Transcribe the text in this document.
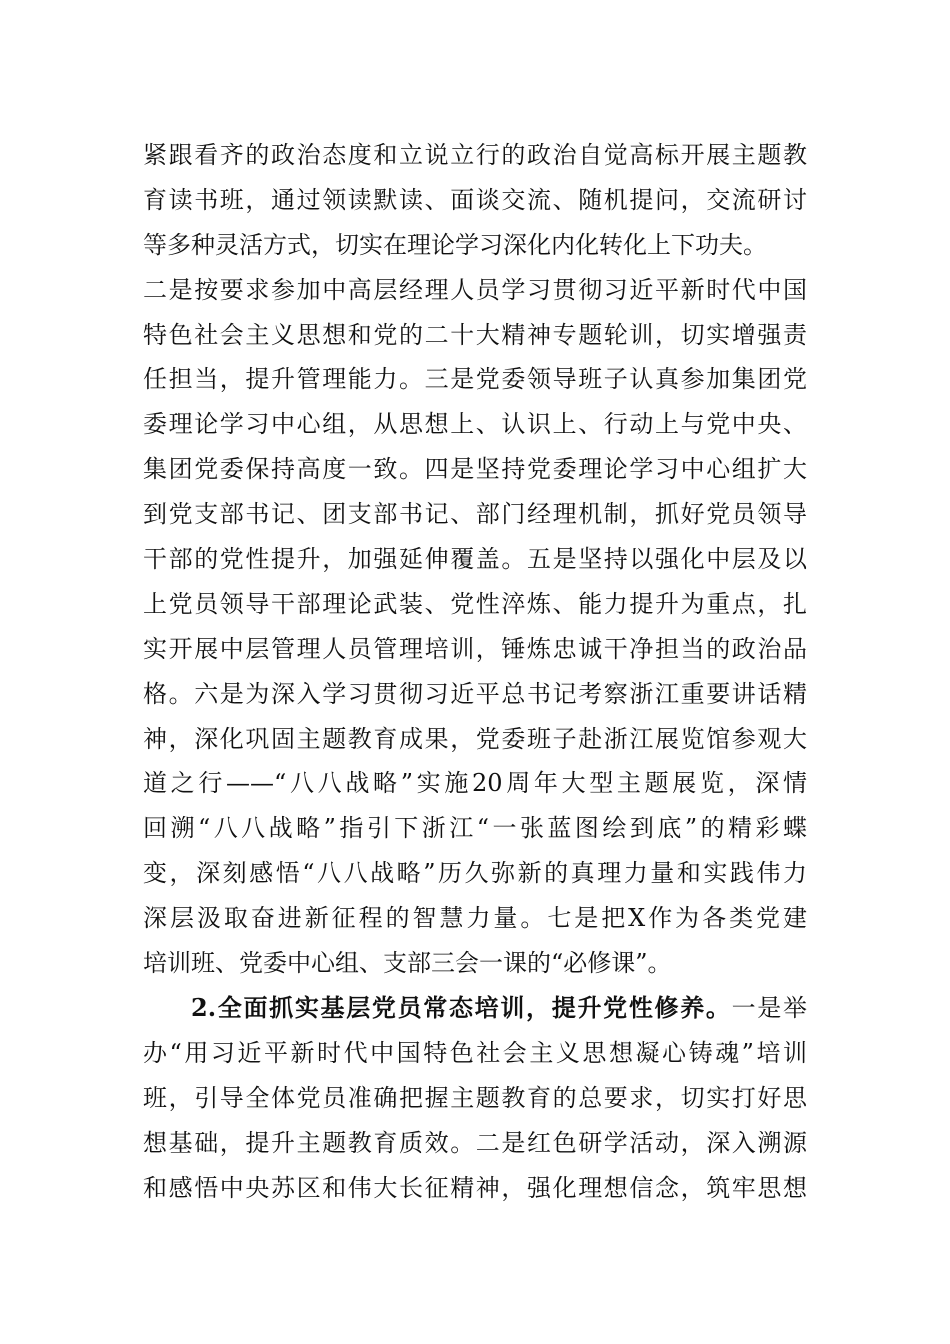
紧跟看齐的政治态度和立说立行的政治自觉高标开展主题教
育读书班，通过领读默读、面谈交流、随机提问，交流研讨
等多种灵活方式，切实在理论学习深化内化转化上下功夫。
二是按要求参加中高层经理人员学习贯彻习近平新时代中国
特色社会主义思想和党的二十大精神专题轮训，切实增强责
任担当，提升管理能力。三是党委领导班子认真参加集团党
委理论学习中心组，从思想上、认识上、行动上与党中央、
集团党委保持高度一致。四是坚持党委理论学习中心组扩大
到党支部书记、团支部书记、部门经理机制，抓好党员领导
干部的党性提升，加强延伸覆盖。五是坚持以强化中层及以
上党员领导干部理论武装、党性淬炼、能力提升为重点，扎
实开展中层管理人员管理培训，锤炼忠诚干净担当的政治品
格。六是为深入学习贯彻习近平总书记考察浙江重要讲话精
神，深化巩固主题教育成果，党委班子赴浙江展览馆参观大
道之行——“八八战略”实施20周年大型主题展览，深情
回溯“八八战略”指引下浙江“一张蓝图绘到底”的精彩蝶
变，深刻感悟“八八战略”历久弥新的真理力量和实践伟力
深层汲取奋进新征程的智慧力量。七是把X作为各类党建
培训班、党委中心组、支部三会一课的“必修课”。
2.全面抓实基层党员常态培训，提升党性修养。一是举
办“用习近平新时代中国特色社会主义思想凝心铸魂”培训
班，引导全体党员准确把握主题教育的总要求，切实打好思
想基础，提升主题教育质效。二是红色研学活动，深入溯源
和感悟中央苏区和伟大长征精神，强化理想信念，筑牢思想
